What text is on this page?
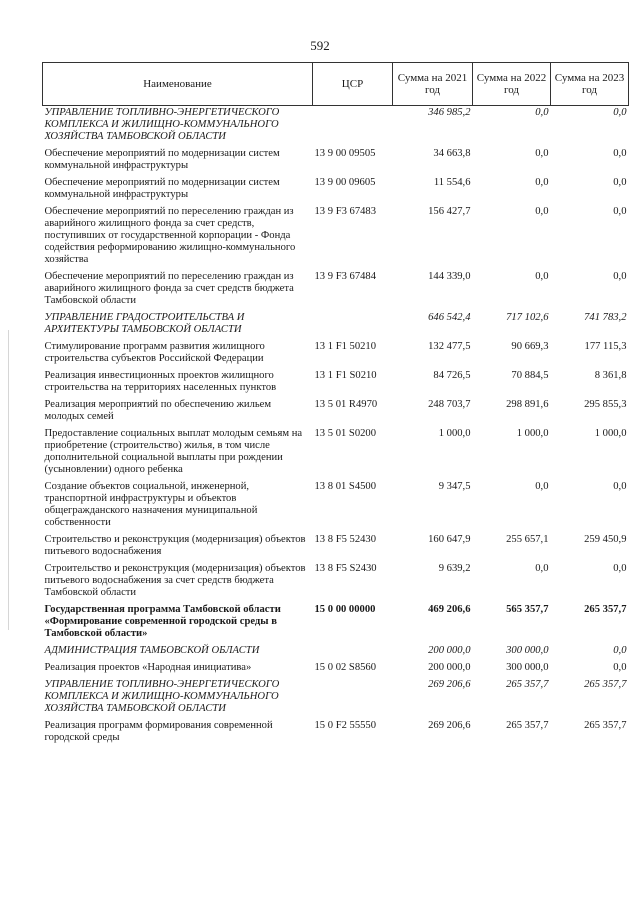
592
Наименование	ЦСР	Сумма на 2021 год	Сумма на 2022 год	Сумма на 2023 год
УПРАВЛЕНИЕ ТОПЛИВНО-ЭНЕРГЕТИЧЕСКОГО КОМПЛЕКСА И ЖИЛИЩНО-КОММУНАЛЬНОГО ХОЗЯЙСТВА ТАМБОВСКОЙ ОБЛАСТИ		346 985,2	0,0	0,0
Обеспечение мероприятий по модернизации систем коммунальной инфраструктуры	13 9 00 09505	34 663,8	0,0	0,0
Обеспечение мероприятий по модернизации систем коммунальной инфраструктуры	13 9 00 09605	11 554,6	0,0	0,0
Обеспечение мероприятий по переселению граждан из аварийного жилищного фонда за счет средств, поступивших от государственной корпорации - Фонда содействия реформированию жилищно-коммунального хозяйства	13 9 F3 67483	156 427,7	0,0	0,0
Обеспечение мероприятий по переселению граждан из аварийного жилищного фонда за счет средств бюджета Тамбовской области	13 9 F3 67484	144 339,0	0,0	0,0
УПРАВЛЕНИЕ ГРАДОСТРОИТЕЛЬСТВА И АРХИТЕКТУРЫ ТАМБОВСКОЙ ОБЛАСТИ		646 542,4	717 102,6	741 783,2
Стимулирование программ развития жилищного строительства субъектов Российской Федерации	13 1 F1 50210	132 477,5	90 669,3	177 115,3
Реализация инвестиционных проектов жилищного строительства на территориях населенных пунктов	13 1 F1 S0210	84 726,5	70 884,5	8 361,8
Реализация мероприятий по обеспечению жильем молодых семей	13 5 01 R4970	248 703,7	298 891,6	295 855,3
Предоставление социальных выплат молодым семьям на приобретение (строительство) жилья, в том числе дополнительной социальной выплаты при рождении (усыновлении) одного ребенка	13 5 01 S0200	1 000,0	1 000,0	1 000,0
Создание объектов социальной, инженерной, транспортной инфраструктуры и объектов общегражданского назначения муниципальной собственности	13 8 01 S4500	9 347,5	0,0	0,0
Строительство и реконструкция (модернизация) объектов питьевого водоснабжения	13 8 F5 52430	160 647,9	255 657,1	259 450,9
Строительство и реконструкция (модернизация) объектов питьевого водоснабжения за счет средств бюджета Тамбовской области	13 8 F5 S2430	9 639,2	0,0	0,0
Государственная программа Тамбовской области «Формирование современной городской среды в Тамбовской области»	15 0 00 00000	469 206,6	565 357,7	265 357,7
АДМИНИСТРАЦИЯ ТАМБОВСКОЙ ОБЛАСТИ		200 000,0	300 000,0	0,0
Реализация проектов «Народная инициатива»	15 0 02 S8560	200 000,0	300 000,0	0,0
УПРАВЛЕНИЕ ТОПЛИВНО-ЭНЕРГЕТИЧЕСКОГО КОМПЛЕКСА И ЖИЛИЩНО-КОММУНАЛЬНОГО ХОЗЯЙСТВА ТАМБОВСКОЙ ОБЛАСТИ		269 206,6	265 357,7	265 357,7
Реализация программ формирования современной городской среды	15 0 F2 55550	269 206,6	265 357,7	265 357,7
